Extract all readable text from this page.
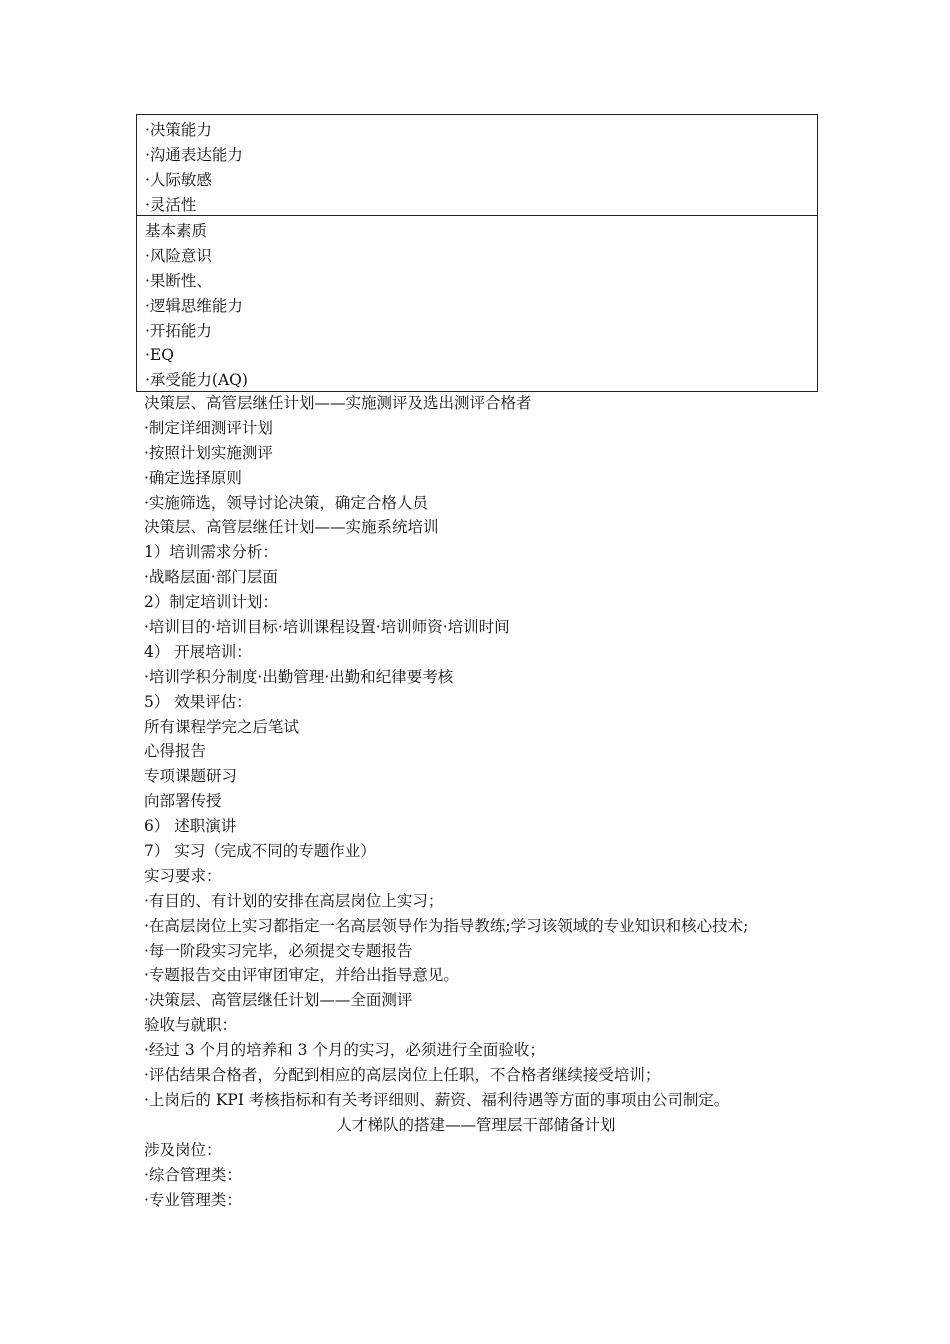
·决策能力
·沟通表达能力
·人际敏感
·灵活性
基本素质
·风险意识
·果断性、
·逻辑思维能力
·开拓能力
·EQ
·承受能力(AQ)
决策层、高管层继任计划——实施测评及选出测评合格者
·制定详细测评计划
·按照计划实施测评
·确定选择原则
·实施筛选，领导讨论决策，确定合格人员
决策层、高管层继任计划——实施系统培训
1）培训需求分析：
·战略层面·部门层面
2）制定培训计划：
·培训目的·培训目标·培训课程设置·培训师资·培训时间
4） 开展培训：
·培训学积分制度·出勤管理·出勤和纪律要考核
5） 效果评估：
所有课程学完之后笔试
心得报告
专项课题研习
向部署传授
6） 述职演讲
7） 实习（完成不同的专题作业）
实习要求：
·有目的、有计划的安排在高层岗位上实习；
·在高层岗位上实习都指定一名高层领导作为指导教练;学习该领域的专业知识和核心技术;
·每一阶段实习完毕，必须提交专题报告
·专题报告交由评审团审定，并给出指导意见。
·决策层、高管层继任计划——全面测评
验收与就职：
·经过 3 个月的培养和 3 个月的实习，必须进行全面验收；
·评估结果合格者，分配到相应的高层岗位上任职，不合格者继续接受培训；
·上岗后的 KPI 考核指标和有关考评细则、薪资、福利待遇等方面的事项由公司制定。
人才梯队的搭建——管理层干部储备计划
涉及岗位：
·综合管理类：
·专业管理类：
